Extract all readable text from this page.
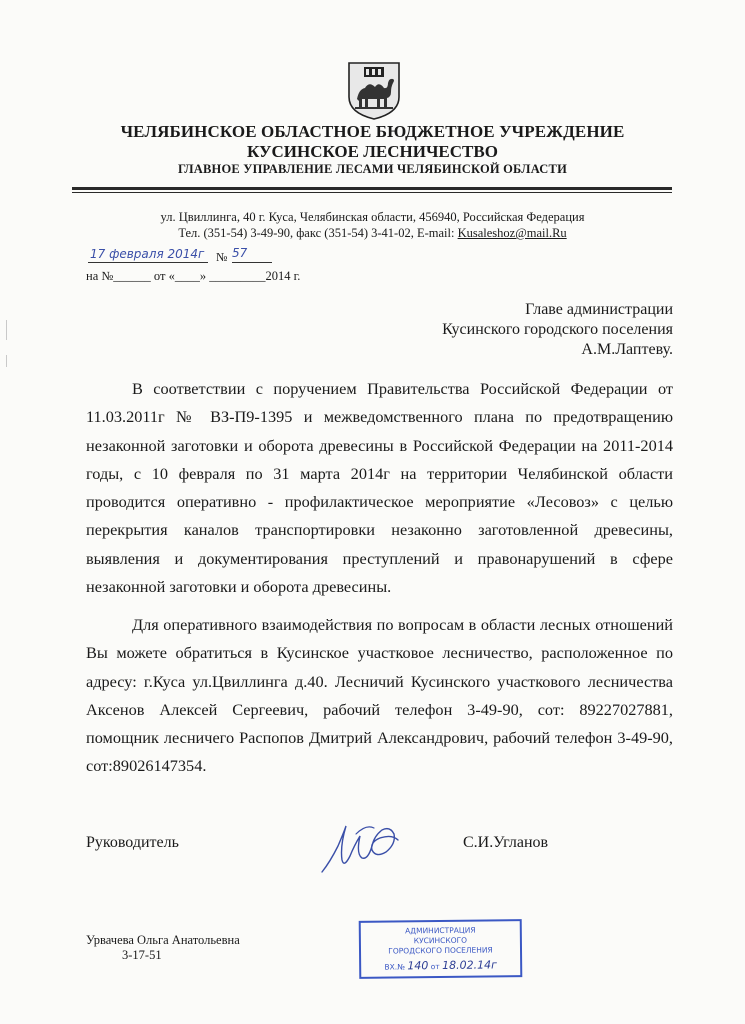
ЧЕЛЯБИНСКОЕ ОБЛАСТНОЕ БЮДЖЕТНОЕ УЧРЕЖДЕНИЕ
КУСИНСКОЕ ЛЕСНИЧЕСТВО
ГЛАВНОЕ УПРАВЛЕНИЕ ЛЕСАМИ ЧЕЛЯБИНСКОЙ ОБЛАСТИ
ул. Цвиллинга, 40 г. Куса, Челябинская области, 456940, Российская Федерация
Тел. (351-54) 3-49-90, факс (351-54) 3-41-02, E-mail: Kusaleshoz@mail.Ru
17 февраля 2014г № 57
на №______ от «____» _________2014 г.
Главе администрации
Кусинского городского поселения
А.М.Лаптеву.

В соответствии с поручением Правительства Российской Федерации от 11.03.2011г № ВЗ-П9-1395 и межведомственного плана по предотвращению незаконной заготовки и оборота древесины в Российской Федерации на 2011-2014 годы, с 10 февраля по 31 марта 2014г на территории Челябинской области проводится оперативно - профилактическое мероприятие «Лесовоз» с целью перекрытия каналов транспортировки незаконно заготовленной древесины, выявления и документирования преступлений и правонарушений в сфере незаконной заготовки и оборота древесины.

Для оперативного взаимодействия по вопросам в области лесных отношений Вы можете обратиться в Кусинское участковое лесничество, расположенное по адресу: г.Куса ул.Цвиллинга д.40. Лесничий Кусинского участкового лесничества Аксенов Алексей Сергеевич, рабочий телефон 3-49-90, сот: 89227027881, помощник лесничего Распопов Дмитрий Александрович, рабочий телефон 3-49-90, сот:89026147354.

Руководитель	С.И.Угланов
Урвачева Ольга Анатольевна
3-17-51
АДМИНИСТРАЦИЯ
КУСИНСКОГО
ГОРОДСКОГО ПОСЕЛЕНИЯ
ВХ.№ 140 от 18.02.14г
